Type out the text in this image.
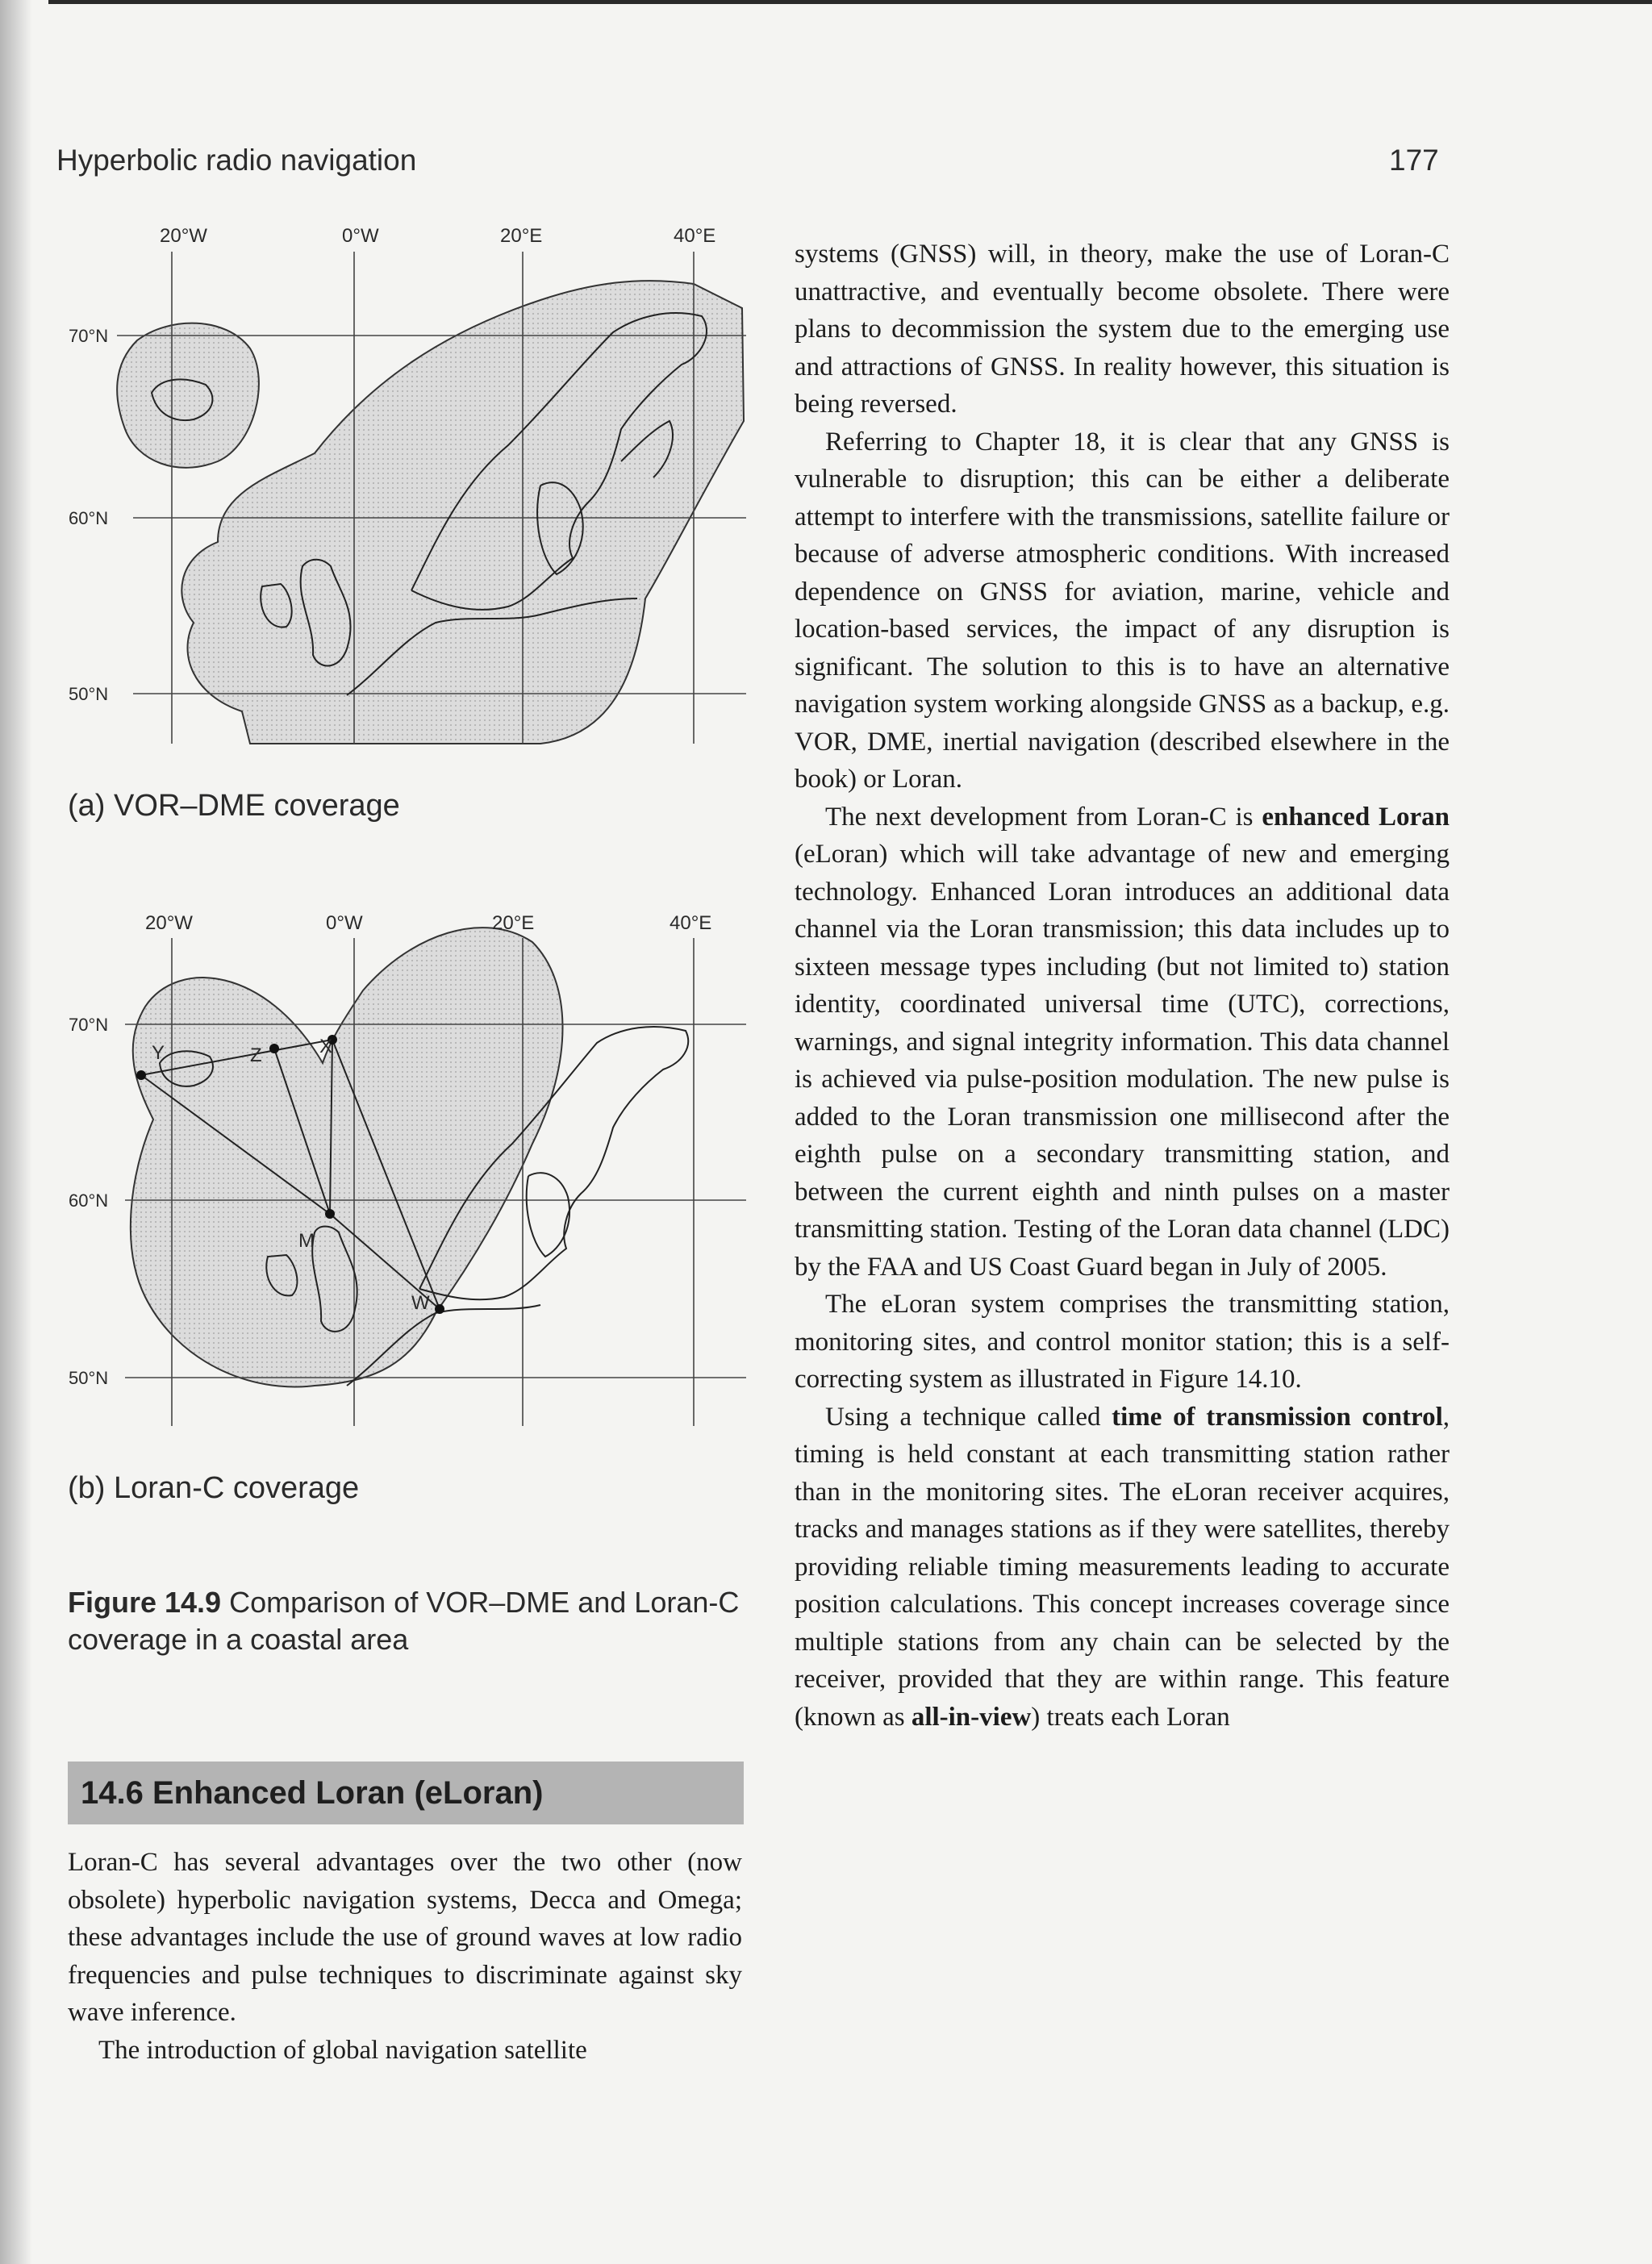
Hyperbolic radio navigation	177
20°W	0°W	20°E	40°E
70°N
60°N
50°N
(a) VOR–DME coverage
Y	Z	X
M
W
20°W	0°W	20°E	40°E
70°N
60°N
50°N
(b) Loran-C coverage
Figure 14.9 Comparison of VOR–DME and Loran-C coverage in a coastal area
14.6 Enhanced Loran (eLoran)

Loran-C has several advantages over the two other (now obsolete) hyperbolic navigation systems, Decca and Omega; these advantages include the use of ground waves at low radio frequencies and pulse techniques to discriminate against sky wave inference.

The introduction of global navigation satellite

systems (GNSS) will, in theory, make the use of Loran-C unattractive, and eventually become obsolete. There were plans to decommission the system due to the emerging use and attractions of GNSS. In reality however, this situation is being reversed.

Referring to Chapter 18, it is clear that any GNSS is vulnerable to disruption; this can be either a deliberate attempt to interfere with the transmissions, satellite failure or because of adverse atmospheric conditions. With increased dependence on GNSS for aviation, marine, vehicle and location-based services, the impact of any disruption is significant. The solution to this is to have an alternative navigation system working alongside GNSS as a backup, e.g. VOR, DME, inertial navigation (described elsewhere in the book) or Loran.

The next development from Loran-C is enhanced Loran (eLoran) which will take advantage of new and emerging technology. Enhanced Loran introduces an additional data channel via the Loran transmission; this data includes up to sixteen message types including (but not limited to) station identity, coordinated universal time (UTC), corrections, warnings, and signal integrity information. This data channel is achieved via pulse-position modulation. The new pulse is added to the Loran transmission one millisecond after the eighth pulse on a secondary transmitting station, and between the current eighth and ninth pulses on a master transmitting station. Testing of the Loran data channel (LDC) by the FAA and US Coast Guard began in July of 2005.

The eLoran system comprises the transmitting station, monitoring sites, and control monitor station; this is a self-correcting system as illustrated in Figure 14.10.

Using a technique called time of transmission control, timing is held constant at each transmitting station rather than in the monitoring sites. The eLoran receiver acquires, tracks and manages stations as if they were satellites, thereby providing reliable timing measurements leading to accurate position calculations. This concept increases coverage since multiple stations from any chain can be selected by the receiver, provided that they are within range. This feature (known as all-in-view) treats each Loran
